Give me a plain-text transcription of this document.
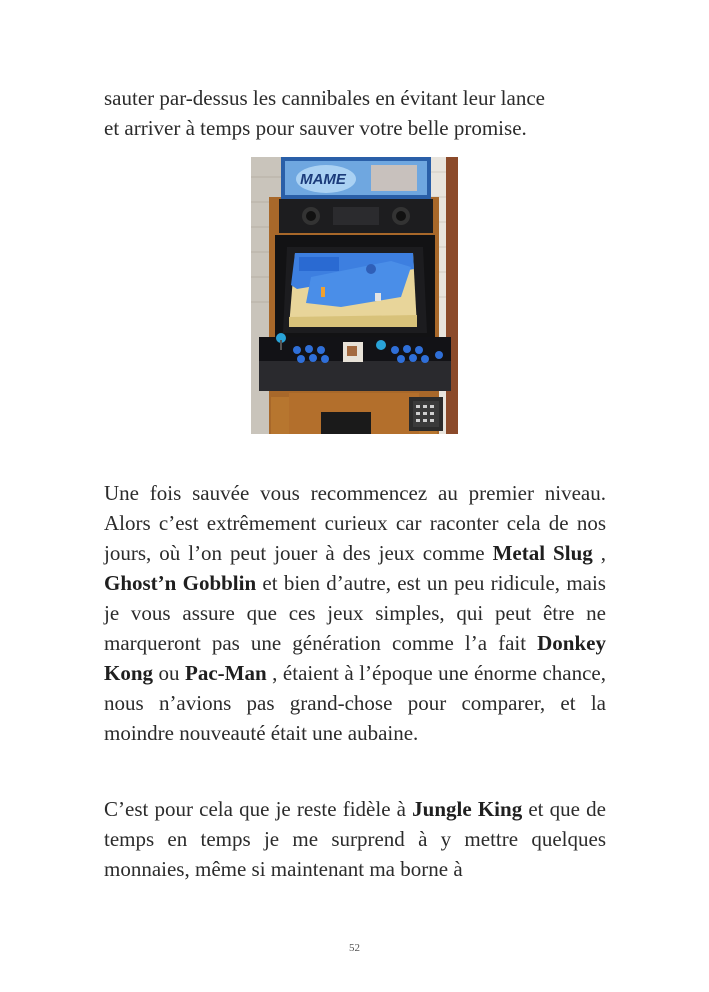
sauter par-dessus les cannibales en évitant leur lance
et arriver à temps pour sauver votre belle promise.

MAME

Une fois sauvée vous recommencez au premier niveau. Alors c’est extrêmement curieux car raconter cela de nos jours, où l’on peut jouer à des jeux comme Metal Slug , Ghost’n Gobblin et bien d’autre, est un peu ridicule, mais je vous assure que ces jeux simples, qui peut être ne marqueront pas une génération comme l’a fait Donkey Kong ou Pac-Man , étaient à l’époque une énorme chance, nous n’avions pas grand-chose pour comparer, et la moindre nouveauté était une aubaine.

C’est pour cela que je reste fidèle à Jungle King et que de temps en temps je me surprend à y mettre quelques monnaies, même si maintenant ma borne à

52
